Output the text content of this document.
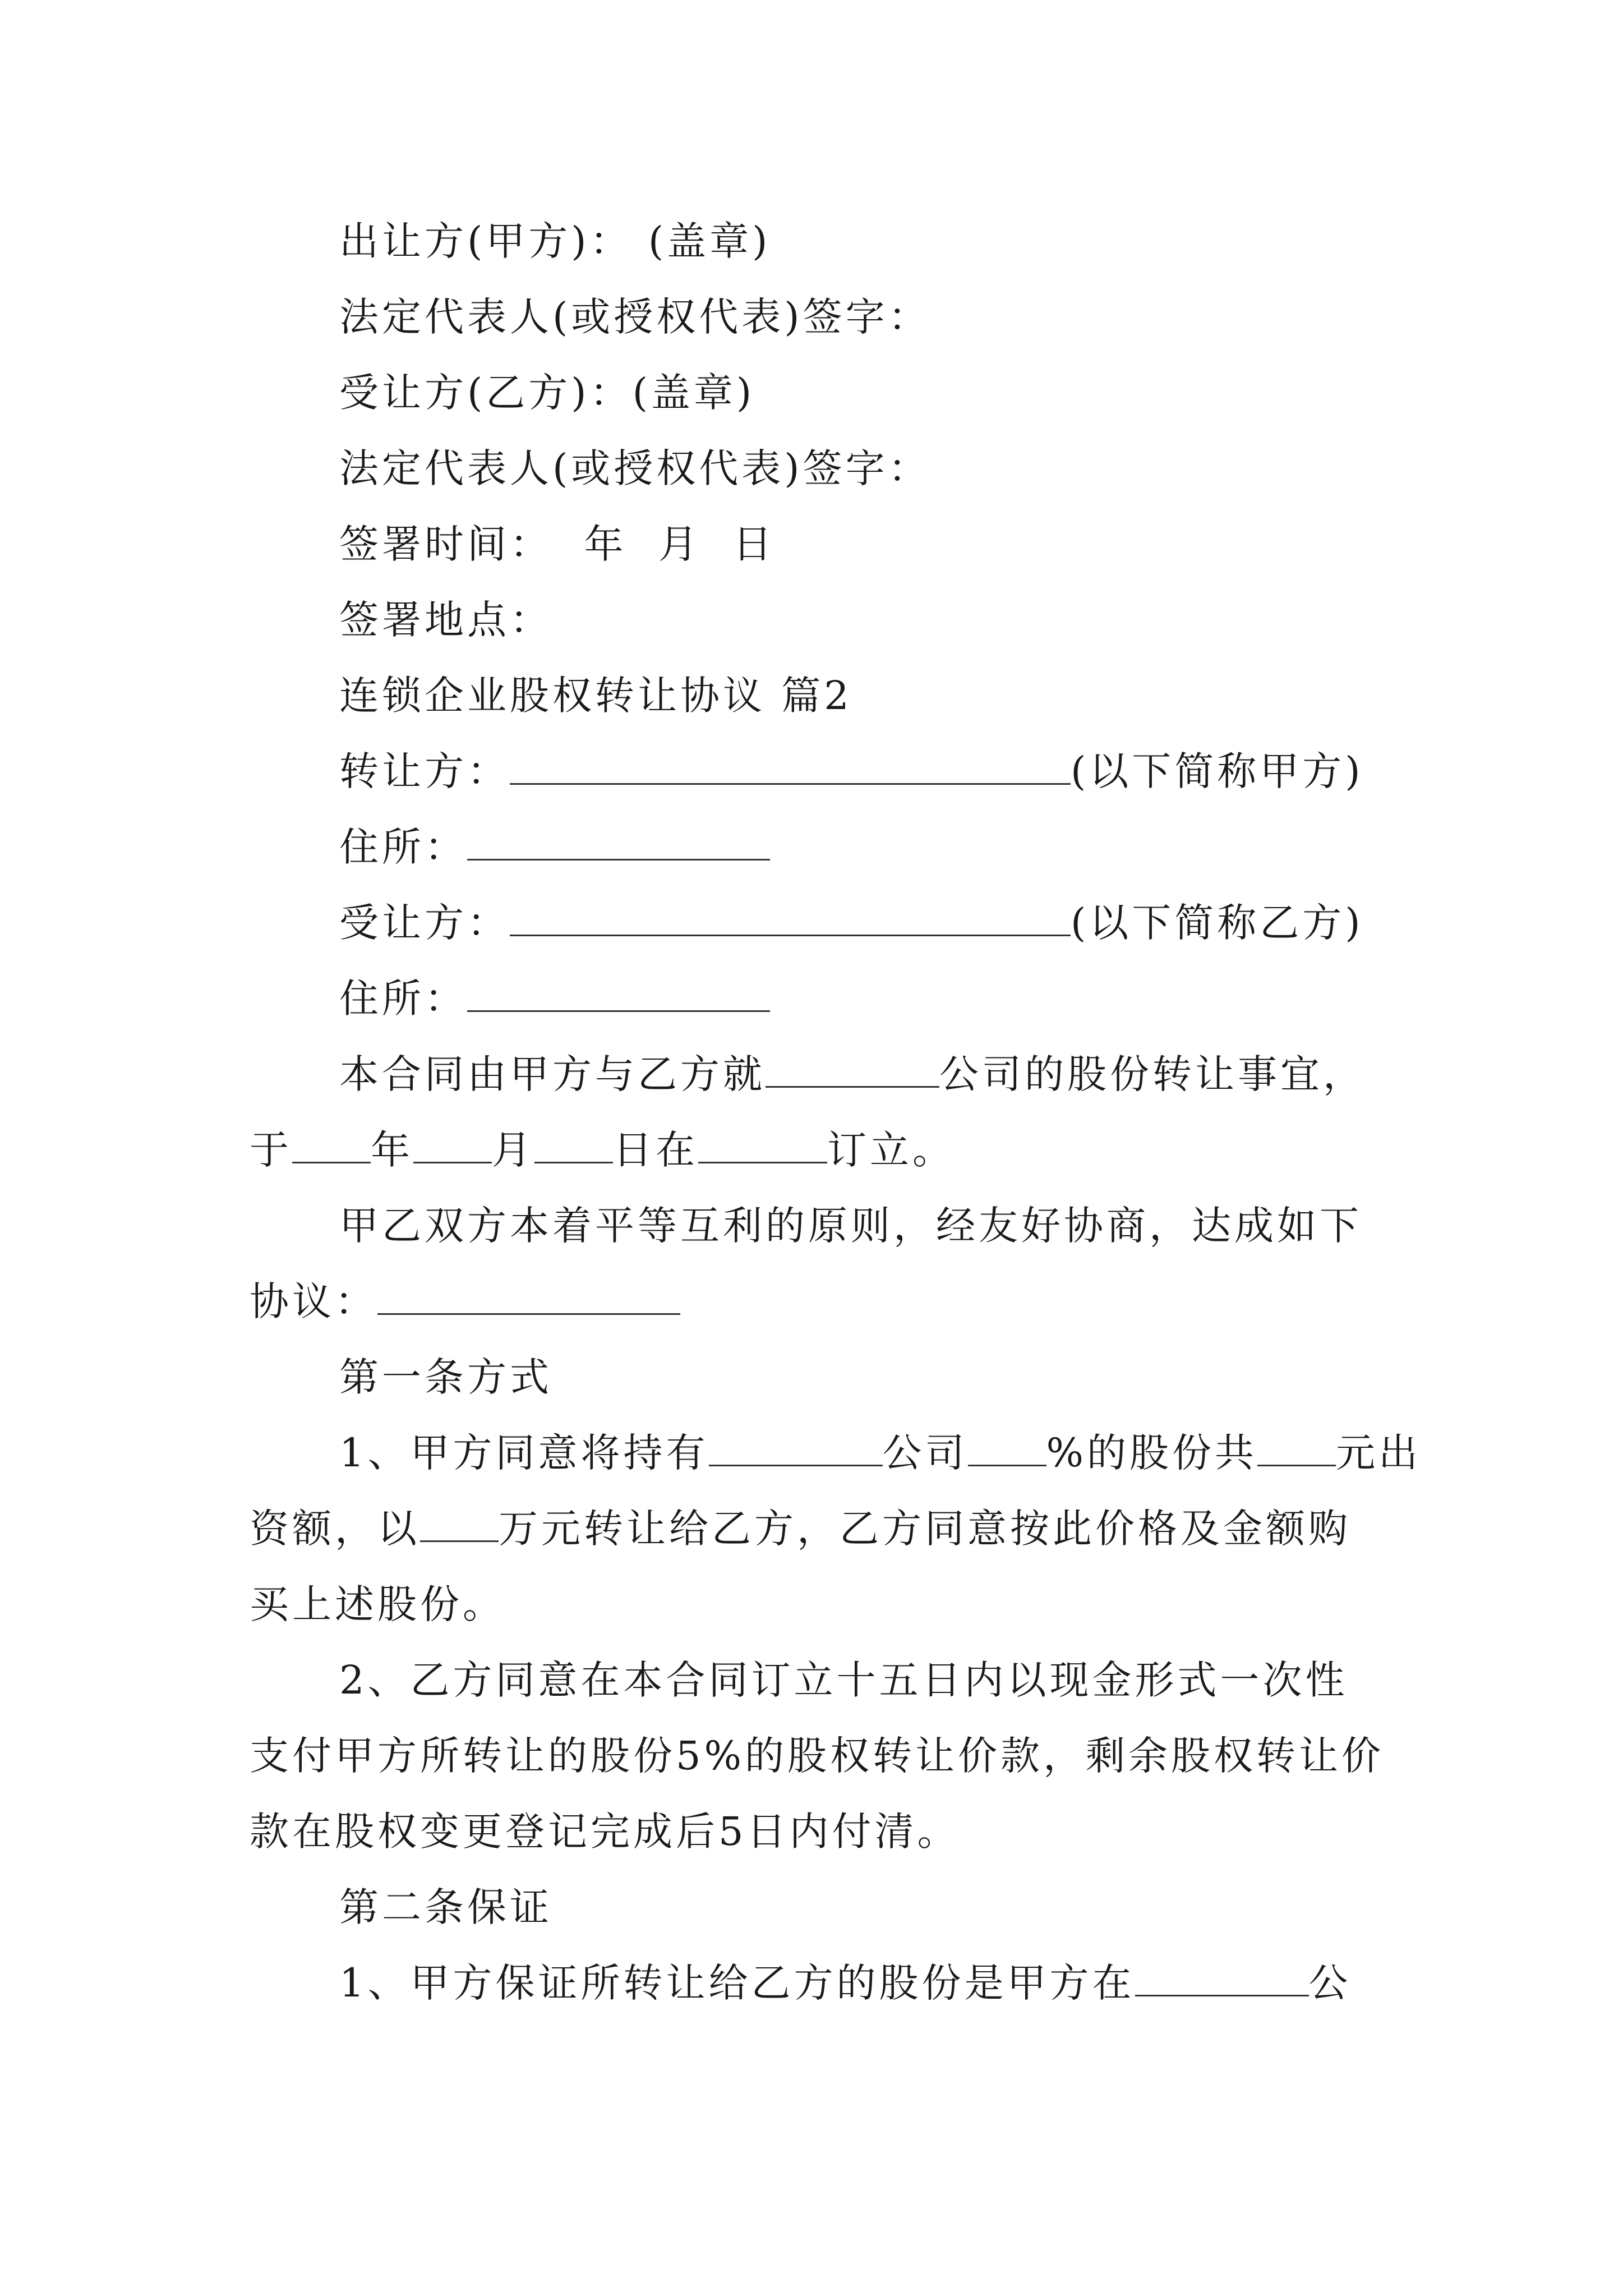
出让方(甲方)： (盖章)
法定代表人(或授权代表)签字：
受让方(乙方)：(盖章)
法定代表人(或授权代表)签字：
签署时间：  年  月  日
签署地点：
连锁企业股权转让协议 篇2
转让方：	(以下简称甲方)
住所：
受让方：	(以下简称乙方)
住所：
本合同由甲方与乙方就	公司的股份转让事宜，
于 年 月 日在	订立。
甲乙双方本着平等互利的原则，经友好协商，达成如下
协议：
第一条方式
1、甲方同意将持有	公司 %的股份共 元出
资额，以 万元转让给乙方，乙方同意按此价格及金额购
买上述股份。
2、乙方同意在本合同订立十五日内以现金形式一次性
支付甲方所转让的股份5%的股权转让价款，剩余股权转让价
款在股权变更登记完成后5日内付清。
第二条保证
1、甲方保证所转让给乙方的股份是甲方在	公
